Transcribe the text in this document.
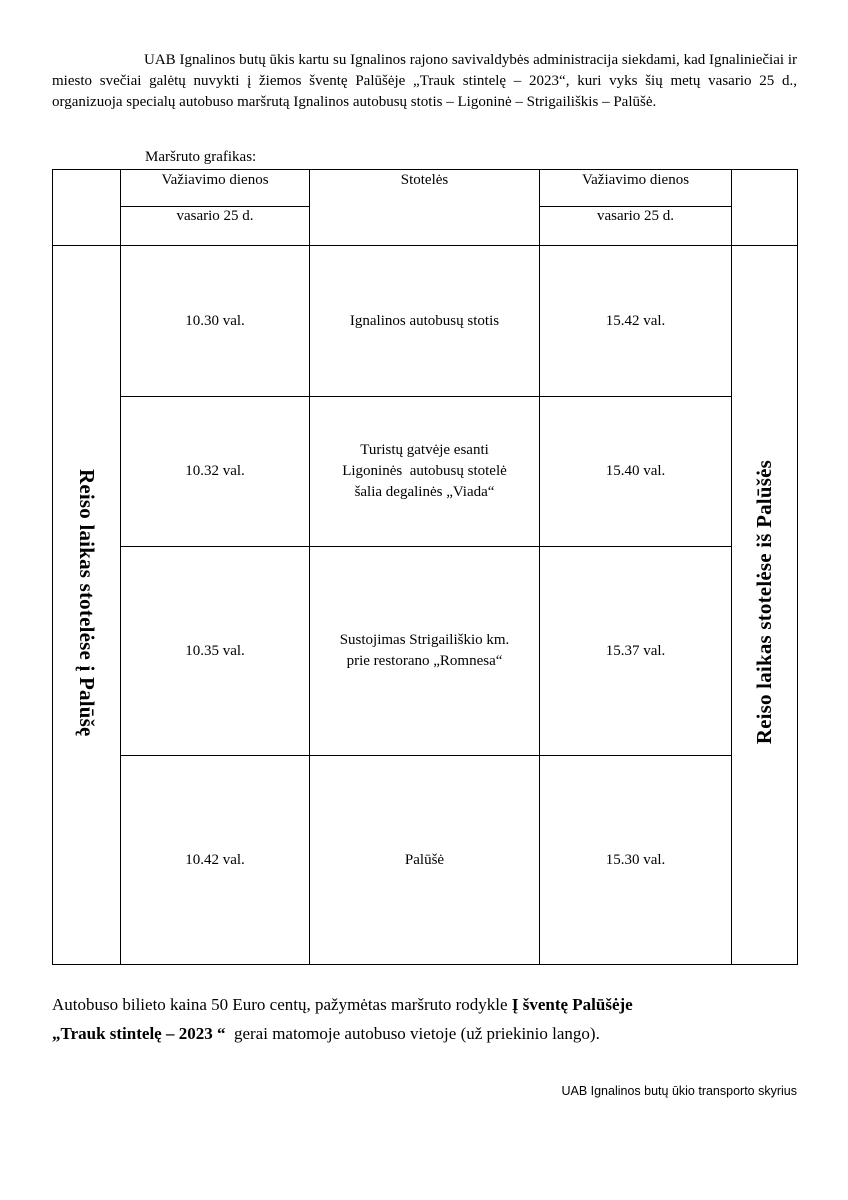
UAB Ignalinos butų ūkis kartu su Ignalinos rajono savivaldybės administracija siekdami, kad Ignaliniečiai ir miesto svečiai galėtų nuvykti į žiemos šventę Palūšėje „Trauk stintelę – 2023“, kuri vyks šių metų vasario 25 d., organizuoja specialų autobuso maršrutą Ignalinos autobusų stotis – Ligoninė – Strigailiškis – Palūšė.

Maršruto grafikas:
	Važiavimo dienos	Stotelės	Važiavimo dienos	
	vasario 25 d.		vasario 25 d.	
Reiso laikas stotelėse į Palūšę	10.30 val.	Ignalinos autobusų stotis	15.42 val.	Reiso laikas stotelėse iš Palūšės
	10.32 val.	Turistų gatvėje esanti
Ligoninės  autobusų stotelė
šalia degalinės „Viada“	15.40 val.	
	10.35 val.	Sustojimas Strigailiškio km.
prie restorano „Romnesa“	15.37 val.	
	10.42 val.	Palūšė	15.30 val.	

Autobuso bilieto kaina 50 Euro centų, pažymėtas maršruto rodykle Į šventę Palūšėje

„Trauk stintelę – 2023 “  gerai matomoje autobuso vietoje (už priekinio lango).

UAB Ignalinos butų ūkio transporto skyrius
